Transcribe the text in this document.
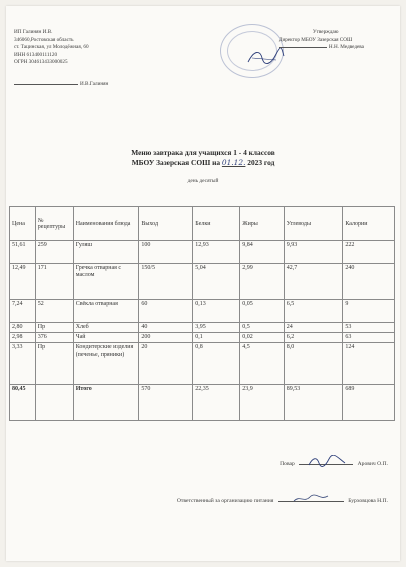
ИП Галинян И.В.
346060,Ростовская область
ст. Тацинская, ул Молодёжная, 60
ИНН 613400111120
ОГРН 304613433000025
И.В.Галинян
Утверждаю
Директор МБОУ Зазерская СОШ
Н.Н. Медведева
Меню завтрака для учащихся 1 - 4 классов
МБОУ Зазерская СОШ на 01.12. 2023 год
день десятый
Цена	№ рецептуры	Наименования блюда	Выход	Белки	Жиры	Углеводы	Калории
51,61	259	Гуляш	100	12,93	9,84	9,93	222
12,49	171	Гречка отварная с маслом	150/5	5,04	2,99	42,7	240
7,24	52	Свёкла отварная	60	0,13	0,05	6,5	9
2,80	Пр	Хлеб	40	3,95	0,5	24	53
2,98	376	Чай	200	0,1	0,02	6,2	63
3,33	Пр	Кондитерские изделия (печенье, пряники)	20	0,8	4,5	8,0	124
80,45		Итого	570	22,35	23,9	89,53	689
Повар	Арович О.П.
Ответственный за организацию питания	Бурховцова Н.П.
